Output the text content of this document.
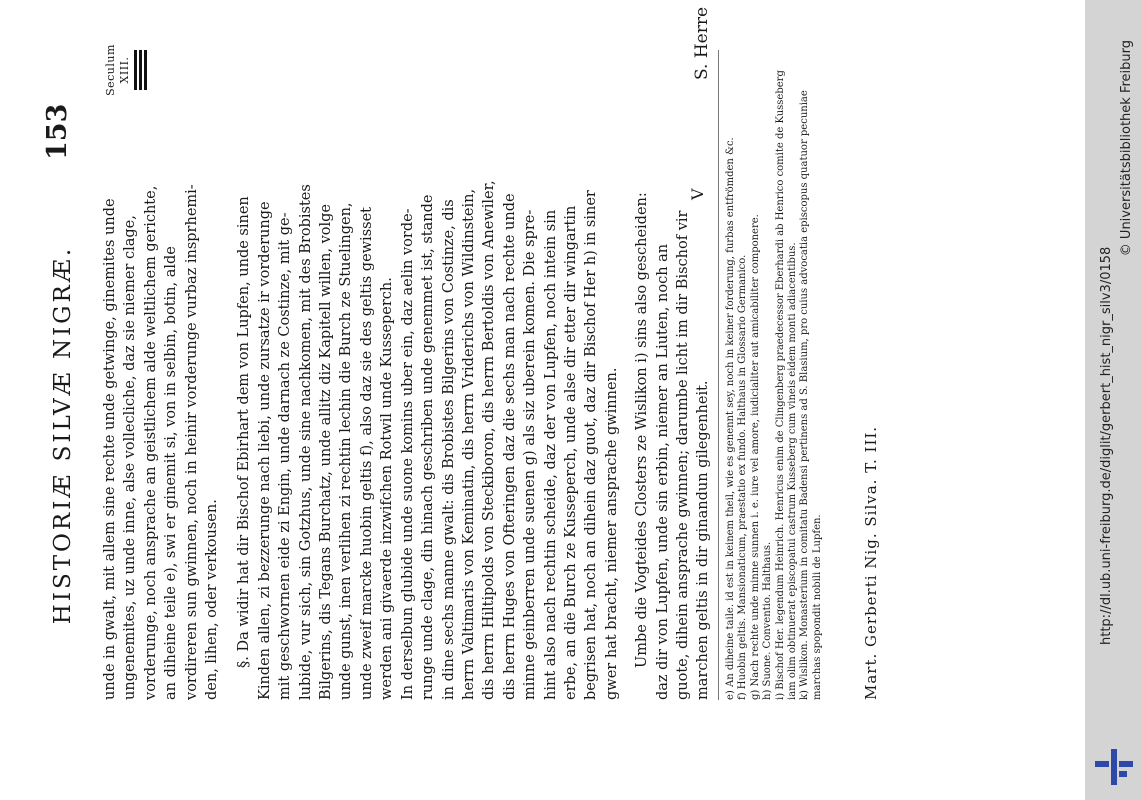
HISTORIÆ SILVÆ NIGRÆ.
153
Seculum XIII.

unde in gwalt, mit allem sine rechte unde getwinge, ginemites unde ungenemites, uz unde inne, alse vollecliche, daz sie niemer clage, vorderunge, noch ansprache an geistlichem alde weltlichem gerichte, an diheine teile e), swi er ginemit si, von in selbin, botin, alde vordireren sun gwinnen, noch in heinir vorderunge vurbaz insprhemi- den, lihen, oder verkousen. §. Da widir hat dir Bischof Ebirhart dem von Lupfen, unde sinen Kinden allen, zi bezzerunge nach liebi, unde zursatze ir vorderunge mit geschwornen eide zi Engin, unde darnach ze Costinze, mit ge- lubide, vur sich, sin Gotzhus, unde sine nachkomen, mit des Brobistes Bilgerins, dis Tegans Burchatz, unde allitz diz Kapitell willen, volge unde gunst, inen verlihen zi rechtin lechin die Burch ze Stuelingen, unde zweif marcke huobin geltis f), also daz sie des geltis gewisset werden ani givaerde inzwifchen Rotwil unde Kusseperch. In derselbun glubide unde suone komins uber ein, daz aelin vorde- runge unde clage, din hinach geschriben unde genemmet ist, stande in dine sechs manne gwalt: dis Brobistes Bilgerins von Costinze, dis herrn Valtimaris von Keminatin, dis herrn Vriderichs von Wildinstein, dis herrn Hiltipolds von Steckiboron, dis herrn Bertoldis von Anewiler, dis herrn Huges von Ofteringen daz die sechs man nach rechte unde minne geinberren unde suenen g) als siz uberein komen. Die spre- hint also nach rechtin scheide, daz der von Lupfen, noch intein sin erbe, an die Burch ze Kusseperch, unde alse dir etter dir wingartin begrisen hat, noch an dihein daz guot, daz dir Bischof Her h) in siner gwer hat bracht, niemer ansprache gwinnen. Umbe die Vogteides Closters ze Wislikon i) sins also gescheiden: daz dir von Lupfen, unde sin erbin, niemer an Liuten, noch an guote, dihein ansprache gwinnen; darumbe licht im dir Bischof vir marchen geltis in dir ginandun gilegenheit.

V
S. Herre

e) An diheine taile. id est in keinem theil, wie es genennt sey, noch in keiner forderung, furbas entfrömden &c. f) Huobin geltis. Mansionaticum, praestatio ex fundo. Halthaus in Glossario Germanico. g) Nach rechte unde minne sunnen i. e. iure vel amore, iudicialiter aut amicabiliter componere. h) Suone. Conventio. Halthaus. i) Bischof Her. legendum Heinrich. Henricus enim de Clingenberg praedecessor Eberhardi ab Henrico comite de Kusseberg iam olim obtinuerat episcopatui castrum Kusseberg cum vineis eidem monti adiacentibus. k) Wislikon. Monasterium in comitatu Badensi pertinens ad S. Blasium, pro cuius advocatia episcopus quatuor pecuniae marchas spopondit nobili de Lupfen.	Mart. Gerberti Nig. Silva. T. III.	http://dl.ub.uni-freiburg.de/diglit/gerbert_hist_nigr_silv3/0158
© Universitätsbibliothek Freiburg
